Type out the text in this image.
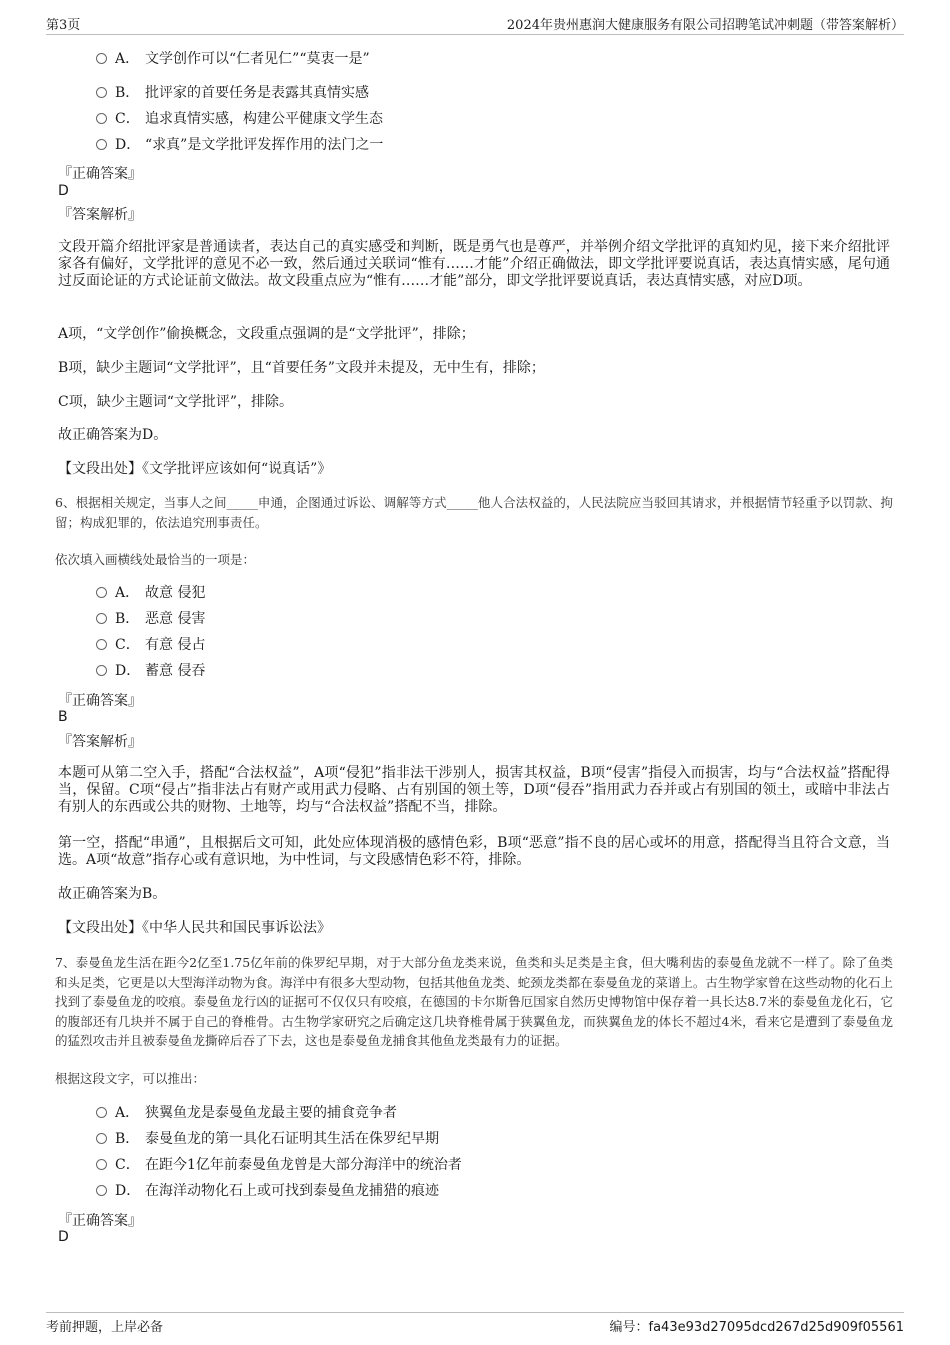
第3页	2024年贵州惠润大健康服务有限公司招聘笔试冲刺题（带答案解析）
A． 文学创作可以“仁者见仁”“莫衷一是”
B． 批评家的首要任务是表露其真情实感
C． 追求真情实感，构建公平健康文学生态
D． “求真”是文学批评发挥作用的法门之一
『正确答案』
D
『答案解析』
文段开篇介绍批评家是普通读者，表达自己的真实感受和判断，既是勇气也是尊严，并举例介绍文学批评的真知灼见，接下来介绍批评家各有偏好，文学批评的意见不必一致，然后通过关联词“惟有……才能”介绍正确做法，即文学批评要说真话，表达真情实感，尾句通过反面论证的方式论证前文做法。故文段重点应为“惟有……才能”部分，即文学批评要说真话，表达真情实感，对应D项。
A项，“文学创作”偷换概念，文段重点强调的是“文学批评”，排除；
B项，缺少主题词“文学批评”，且“首要任务”文段并未提及，无中生有，排除；
C项，缺少主题词“文学批评”，排除。
故正确答案为D。
【文段出处】《文学批评应该如何“说真话”》
6、根据相关规定，当事人之间_____申通，企图通过诉讼、调解等方式_____他人合法权益的，人民法院应当驳回其请求，并根据情节轻重予以罚款、拘留；构成犯罪的，依法追究刑事责任。
依次填入画横线处最恰当的一项是：
A． 故意 侵犯
B． 恶意 侵害
C． 有意 侵占
D． 蓄意 侵吞
『正确答案』
B
『答案解析』
本题可从第二空入手，搭配“合法权益”，A项“侵犯”指非法干涉别人，损害其权益，B项“侵害”指侵入而损害，均与“合法权益”搭配得当，保留。C项“侵占”指非法占有财产或用武力侵略、占有别国的领土等，D项“侵吞”指用武力吞并或占有别国的领土，或暗中非法占有别人的东西或公共的财物、土地等，均与“合法权益”搭配不当，排除。
第一空，搭配“串通”，且根据后文可知，此处应体现消极的感情色彩，B项“恶意”指不良的居心或坏的用意，搭配得当且符合文意，当选。A项“故意”指存心或有意识地，为中性词，与文段感情色彩不符，排除。
故正确答案为B。
【文段出处】《中华人民共和国民事诉讼法》
7、泰曼鱼龙生活在距今2亿至1.75亿年前的侏罗纪早期，对于大部分鱼龙类来说，鱼类和头足类是主食，但大嘴利齿的泰曼鱼龙就不一样了。除了鱼类和头足类，它更是以大型海洋动物为食。海洋中有很多大型动物，包括其他鱼龙类、蛇颈龙类都在泰曼鱼龙的菜谱上。古生物学家曾在这些动物的化石上找到了泰曼鱼龙的咬痕。泰曼鱼龙行凶的证据可不仅仅只有咬痕，在德国的卡尔斯鲁厄国家自然历史博物馆中保存着一具长达8.7米的泰曼鱼龙化石，它的腹部还有几块并不属于自己的脊椎骨。古生物学家研究之后确定这几块脊椎骨属于狭翼鱼龙，而狭翼鱼龙的体长不超过4米，看来它是遭到了泰曼鱼龙的猛烈攻击并且被泰曼鱼龙撕碎后吞了下去，这也是泰曼鱼龙捕食其他鱼龙类最有力的证据。
根据这段文字，可以推出：
A． 狭翼鱼龙是泰曼鱼龙最主要的捕食竞争者
B． 泰曼鱼龙的第一具化石证明其生活在侏罗纪早期
C． 在距今1亿年前泰曼鱼龙曾是大部分海洋中的统治者
D． 在海洋动物化石上或可找到泰曼鱼龙捕猎的痕迹
『正确答案』
D
考前押题，上岸必备	编号：fa43e93d27095dcd267d25d909f05561
